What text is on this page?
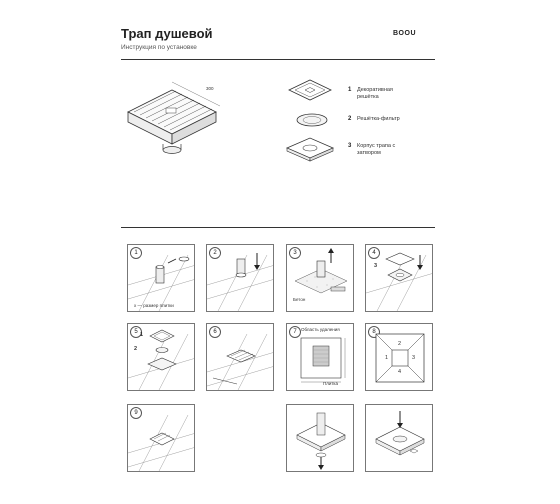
Трап душевой
Инструкция по установке
BOOU
300	1 Декоративная
решётка
2 Решётка-фильтр
3 Корпус трапа с
затвором
1
х — размер плитки
2	3
Бетон
4
3
5 1
2
6	7 Область удаления
Плитка
8
1
2
3
4
9
